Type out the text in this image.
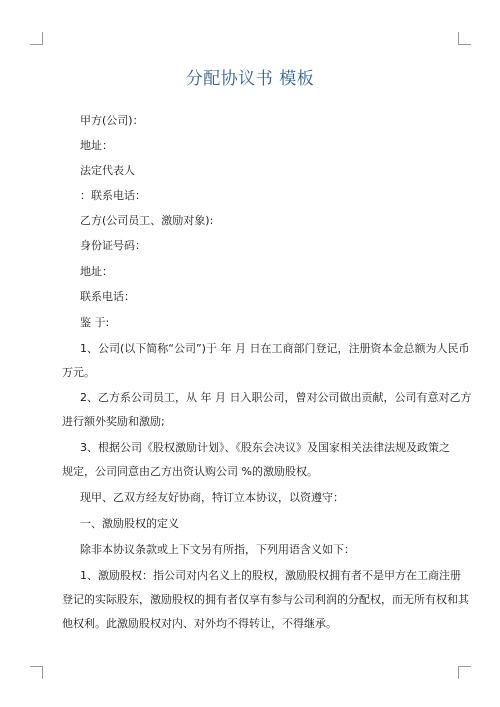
分配协议书 模板
甲方(公司)：
地址：
法定代表人
：联系电话：
乙方(公司员工、激励对象):
身份证号码：
地址：
联系电话：
鉴 于:
1、公司(以下简称“公司”)于 年 月 日在工商部门登记，注册资本金总额为人民币
万元。
2、乙方系公司员工，从 年 月 日入职公司，曾对公司做出贡献，公司有意对乙方
进行额外奖励和激励;
3、根据公司《股权激励计划》、《股东会决议》及国家相关法律法规及政策之
规定，公司同意由乙方出资认购公司 %的激励股权。
现甲、乙双方经友好协商，特订立本协议，以资遵守：
一、激励股权的定义
除非本协议条款或上下文另有所指，下列用语含义如下：
1、激励股权：指公司对内名义上的股权，激励股权拥有者不是甲方在工商注册
登记的实际股东，激励股权的拥有者仅享有参与公司利润的分配权，而无所有权和其
他权利。此激励股权对内、对外均不得转让，不得继承。
